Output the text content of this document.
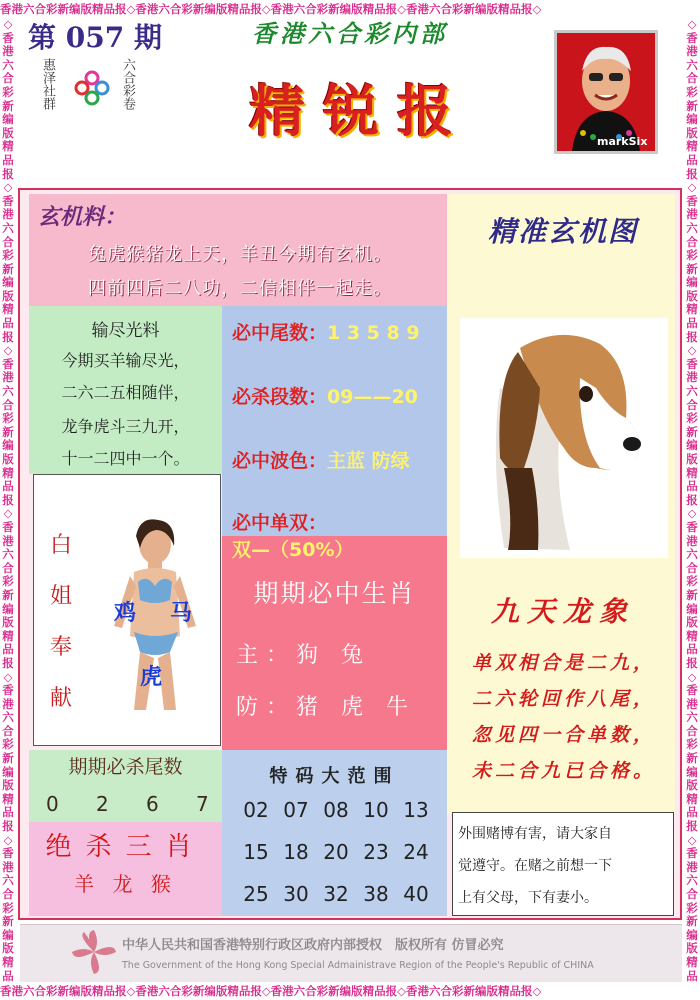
香港六合彩新编版精品报◇香港六合彩新编版精品报◇香港六合彩新编版精品报◇香港六合彩新编版精品报◇
香港六合彩新编版精品报◇香港六合彩新编版精品报◇香港六合彩新编版精品报◇香港六合彩新编版精品报◇
◇香港六合彩新编版精品报◇香港六合彩新编版精品报◇香港六合彩新编版精品报◇香港六合彩新编版精品报◇香港六合彩新编版精品报◇香港六合彩新编版精品
◇香港六合彩新编版精品报◇香港六合彩新编版精品报◇香港六合彩新编版精品报◇香港六合彩新编版精品报◇香港六合彩新编版精品报◇香港六合彩新编版精品
第 057 期
惠泽社群	六合彩卷
香港六合彩内部
精锐报	markSix
玄机料：
兔虎猴猪龙上天，羊丑今期有玄机。
四前四后二八功，二信相伴一起走。
输尽光料
今期买羊输尽光，
二六二五相随伴，
龙争虎斗三九开，
十一二四中一个。
必中尾数：1 3 5 8 9
必杀段数：09——20
必中波色：主蓝 防绿
必中单双：双—（50%）
白
姐
奉
献
鸡 马
虎
期期必中生肖
主：狗 兔
防：猪 虎 牛
期期必杀尾数
0 2 6 7
绝杀三肖
羊 龙 猴
特码大范围
02 07 08 10 13
15 18 20 23 24
25 30 32 38 40
精准玄机图
九天龙象
单双相合是二九，
二六轮回作八尾，
忽见四一合单数，
未二合九已合格。
外围赌博有害，请大家自
觉遵守。在赌之前想一下
上有父母，下有妻小。
中华人民共和国香港特别行政区政府内部授权　版权所有 仿冒必究
The Government of the Hong Kong Special Admainistrave Region of the People's Republic of CHINA
